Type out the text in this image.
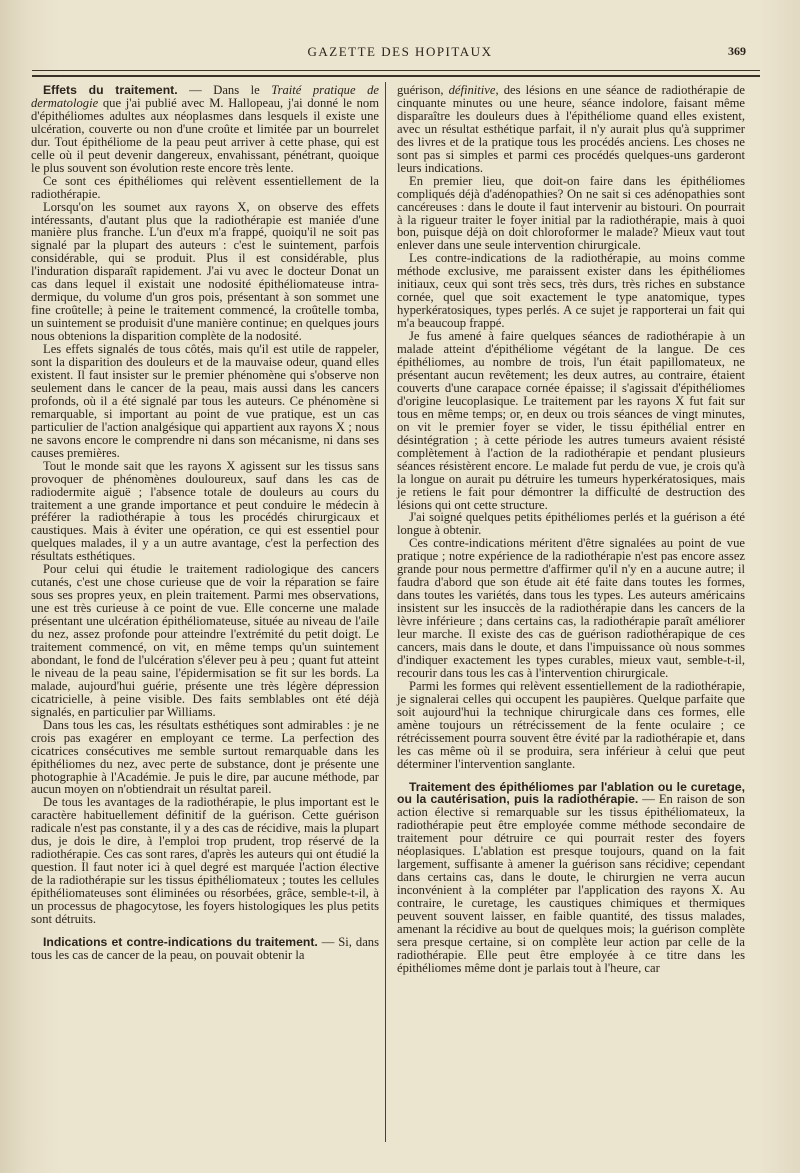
GAZETTE DES HOPITAUX	369

Effets du traitement. — Dans le Traité pratique de dermatologie que j'ai publié avec M. Hallopeau, j'ai donné le nom d'épithéliomes adultes aux néoplasmes dans lesquels il existe une ulcération, couverte ou non d'une croûte et limitée par un bourrelet dur. Tout épithéliome de la peau peut arriver à cette phase, qui est celle où il peut devenir dangereux, envahissant, pénétrant, quoique le plus souvent son évolution reste encore très lente.

Ce sont ces épithéliomes qui relèvent essentiellement de la radiothérapie.

Lorsqu'on les soumet aux rayons X, on observe des effets intéressants, d'autant plus que la radiothérapie est maniée d'une manière plus franche. L'un d'eux m'a frappé, quoiqu'il ne soit pas signalé par la plupart des auteurs : c'est le suintement, parfois considérable, qui se produit. Plus il est considérable, plus l'induration disparaît rapidement. J'ai vu avec le docteur Donat un cas dans lequel il existait une nodosité épithéliomateuse intra-dermique, du volume d'un gros pois, présentant à son sommet une fine croûtelle; à peine le traitement commencé, la croûtelle tomba, un suintement se produisit d'une manière continue; en quelques jours nous obtenions la disparition complète de la nodosité.

Les effets signalés de tous côtés, mais qu'il est utile de rappeler, sont la disparition des douleurs et de la mauvaise odeur, quand elles existent. Il faut insister sur le premier phénomène qui s'observe non seulement dans le cancer de la peau, mais aussi dans les cancers profonds, où il a été signalé par tous les auteurs. Ce phénomène si remarquable, si important au point de vue pratique, est un cas particulier de l'action analgésique qui appartient aux rayons X ; nous ne savons encore le comprendre ni dans son mécanisme, ni dans ses causes premières.

Tout le monde sait que les rayons X agissent sur les tissus sans provoquer de phénomènes douloureux, sauf dans les cas de radiodermite aiguë ; l'absence totale de douleurs au cours du traitement a une grande importance et peut conduire le médecin à préférer la radiothérapie à tous les procédés chirurgicaux et caustiques. Mais à éviter une opération, ce qui est essentiel pour quelques malades, il y a un autre avantage, c'est la perfection des résultats esthétiques.

Pour celui qui étudie le traitement radiologique des cancers cutanés, c'est une chose curieuse que de voir la réparation se faire sous ses propres yeux, en plein traitement. Parmi mes observations, une est très curieuse à ce point de vue. Elle concerne une malade présentant une ulcération épithéliomateuse, située au niveau de l'aile du nez, assez profonde pour atteindre l'extrémité du petit doigt. Le traitement commencé, on vit, en même temps qu'un suintement abondant, le fond de l'ulcération s'élever peu à peu ; quant fut atteint le niveau de la peau saine, l'épidermisation se fit sur les bords. La malade, aujourd'hui guérie, présente une très légère dépression cicatricielle, à peine visible. Des faits semblables ont été déjà signalés, en particulier par Williams.

Dans tous les cas, les résultats esthétiques sont admirables : je ne crois pas exagérer en employant ce terme. La perfection des cicatrices consécutives me semble surtout remarquable dans les épithéliomes du nez, avec perte de substance, dont je présente une photographie à l'Académie. Je puis le dire, par aucune méthode, par aucun moyen on n'obtiendrait un résultat pareil.

De tous les avantages de la radiothérapie, le plus important est le caractère habituellement définitif de la guérison. Cette guérison radicale n'est pas constante, il y a des cas de récidive, mais la plupart dus, je dois le dire, à l'emploi trop prudent, trop réservé de la radiothérapie. Ces cas sont rares, d'après les auteurs qui ont étudié la question. Il faut noter ici à quel degré est marquée l'action élective de la radiothérapie sur les tissus épithéliomateux ; toutes les cellules épithéliomateuses sont éliminées ou résorbées, grâce, semble-t-il, à un processus de phagocytose, les foyers histologiques les plus petits sont détruits.

Indications et contre-indications du traitement. — Si, dans tous les cas de cancer de la peau, on pouvait obtenir la

guérison, définitive, des lésions en une séance de radiothérapie de cinquante minutes ou une heure, séance indolore, faisant même disparaître les douleurs dues à l'épithéliome quand elles existent, avec un résultat esthétique parfait, il n'y aurait plus qu'à supprimer des livres et de la pratique tous les procédés anciens. Les choses ne sont pas si simples et parmi ces procédés quelques-uns garderont leurs indications.

En premier lieu, que doit-on faire dans les épithéliomes compliqués déjà d'adénopathies? On ne sait si ces adénopathies sont cancéreuses : dans le doute il faut intervenir au bistouri. On pourrait à la rigueur traiter le foyer initial par la radiothérapie, mais à quoi bon, puisque déjà on doit chloroformer le malade? Mieux vaut tout enlever dans une seule intervention chirurgicale.

Les contre-indications de la radiothérapie, au moins comme méthode exclusive, me paraissent exister dans les épithéliomes initiaux, ceux qui sont très secs, très durs, très riches en substance cornée, quel que soit exactement le type anatomique, types hyperkératosiques, types perlés. A ce sujet je rapporterai un fait qui m'a beaucoup frappé.

Je fus amené à faire quelques séances de radiothérapie à un malade atteint d'épithéliome végétant de la langue. De ces épithéliomes, au nombre de trois, l'un était papillomateux, ne présentant aucun revêtement; les deux autres, au contraire, étaient couverts d'une carapace cornée épaisse; il s'agissait d'épithéliomes d'origine leucoplasique. Le traitement par les rayons X fut fait sur tous en même temps; or, en deux ou trois séances de vingt minutes, on vit le premier foyer se vider, le tissu épithélial entrer en désintégration ; à cette période les autres tumeurs avaient résisté complètement à l'action de la radiothérapie et pendant plusieurs séances résistèrent encore. Le malade fut perdu de vue, je crois qu'à la longue on aurait pu détruire les tumeurs hyperkératosiques, mais je retiens le fait pour démontrer la difficulté de destruction des lésions qui ont cette structure.

J'ai soigné quelques petits épithéliomes perlés et la guérison a été longue à obtenir.

Ces contre-indications méritent d'être signalées au point de vue pratique ; notre expérience de la radiothérapie n'est pas encore assez grande pour nous permettre d'affirmer qu'il n'y en a aucune autre; il faudra d'abord que son étude ait été faite dans toutes les formes, dans toutes les variétés, dans tous les types. Les auteurs américains insistent sur les insuccès de la radiothérapie dans les cancers de la lèvre inférieure ; dans certains cas, la radiothérapie paraît améliorer leur marche. Il existe des cas de guérison radiothérapique de ces cancers, mais dans le doute, et dans l'impuissance où nous sommes d'indiquer exactement les types curables, mieux vaut, semble-t-il, recourir dans tous les cas à l'intervention chirurgicale.

Parmi les formes qui relèvent essentiellement de la radiothérapie, je signalerai celles qui occupent les paupières. Quelque parfaite que soit aujourd'hui la technique chirurgicale dans ces formes, elle amène toujours un rétrécissement de la fente oculaire ; ce rétrécissement pourra souvent être évité par la radiothérapie et, dans les cas même où il se produira, sera inférieur à celui que peut déterminer l'intervention sanglante.

Traitement des épithéliomes par l'ablation ou le curetage, ou la cautérisation, puis la radiothérapie. — En raison de son action élective si remarquable sur les tissus épithéliomateux, la radiothérapie peut être employée comme méthode secondaire de traitement pour détruire ce qui pourrait rester des foyers néoplasiques. L'ablation est presque toujours, quand on la fait largement, suffisante à amener la guérison sans récidive; cependant dans certains cas, dans le doute, le chirurgien ne verra aucun inconvénient à la compléter par l'application des rayons X. Au contraire, le curetage, les caustiques chimiques et thermiques peuvent souvent laisser, en faible quantité, des tissus malades, amenant la récidive au bout de quelques mois; la guérison complète sera presque certaine, si on complète leur action par celle de la radiothérapie. Elle peut être employée à ce titre dans les épithéliomes même dont je parlais tout à l'heure, car
